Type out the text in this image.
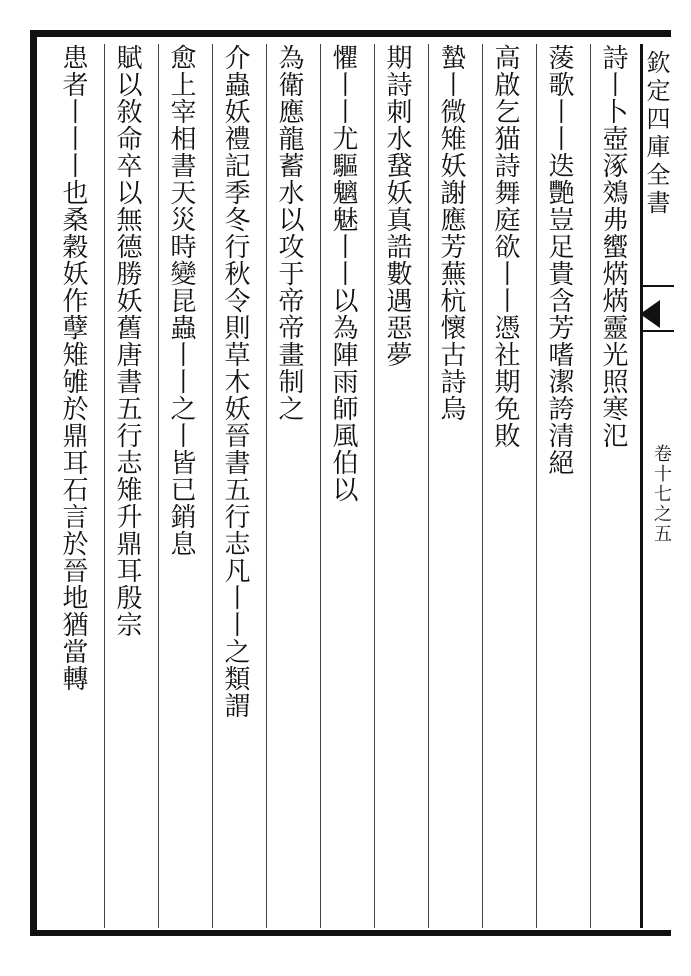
欽定四庫全書
卷十七之五
詩丨卜壺涿鵁弗蠁焫焫靈光照寒氾
蔆歌丨丨迭艷豈足貴含芳嗜潔誇清絕
高啟乞猫詩舞庭欲丨丨憑社期免敗
蟄丨微雉妖謝應芳蕪杭懷古詩烏
期詩刺水䖸妖真誥數遇惡夢
懼丨丨尤驅魑魅丨丨以為陣雨師風伯以
為衛應龍蓄水以攻于帝帝畫制之
介蟲妖禮記季冬行秋令則草木妖晉書五行志凡丨丨之類謂
愈上宰相書天災時變昆蟲丨丨之丨皆已銷息
賦以敘命卒以無德勝妖舊唐書五行志雉升鼎耳殷宗
患者丨丨丨也桑穀妖作孽雉雊於鼎耳石言於晉地猶當轉
